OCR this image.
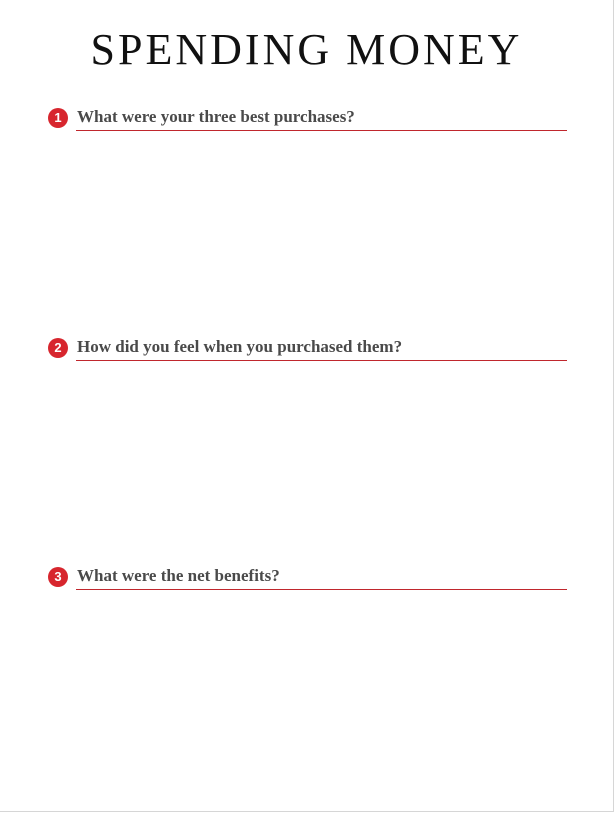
SPENDING MONEY
1 What were your three best purchases?
2 How did you feel when you purchased them?
3 What were the net benefits?
